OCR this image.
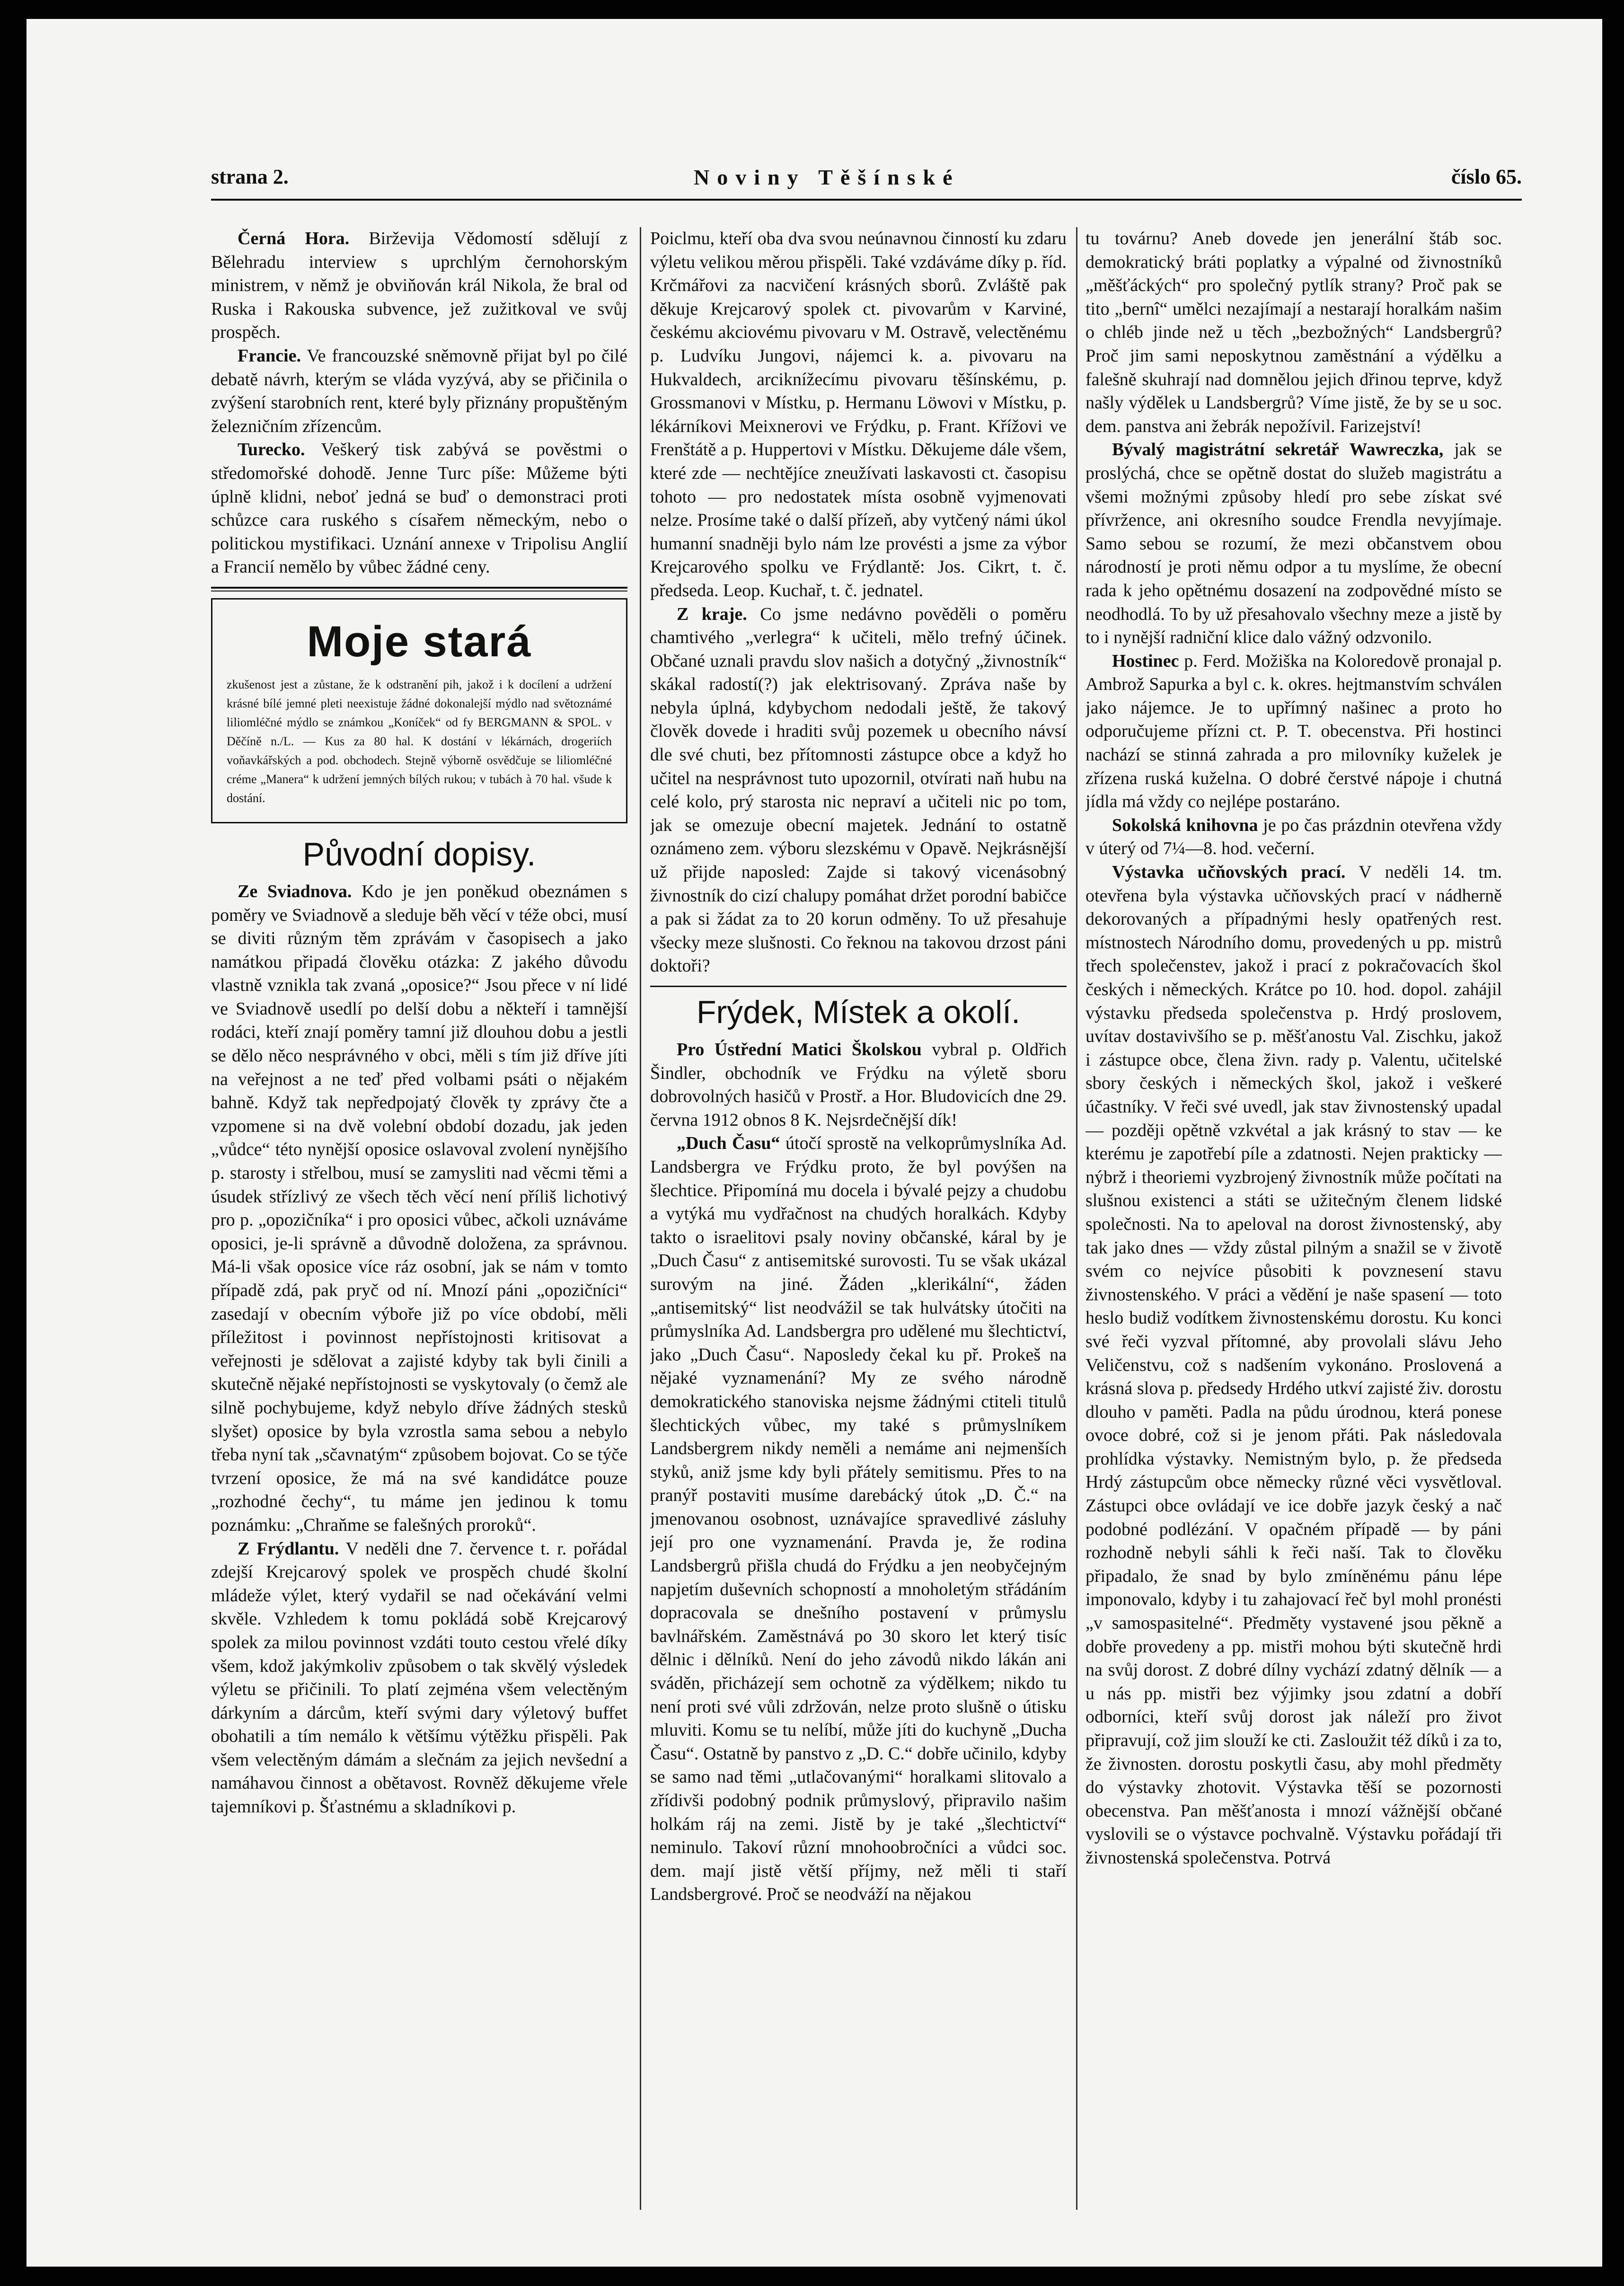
strana 2.	Noviny Těšínské	číslo 65.

Černá Hora. Birževija Vědomostí sdělují z Bělehradu interview s uprchlým černohorským ministrem, v němž je obviňován král Nikola, že bral od Ruska i Rakouska subvence, jež zužitkoval ve svůj prospěch.

Francie. Ve francouzské sněmovně přijat byl po čilé debatě návrh, kterým se vláda vyzývá, aby se přičinila o zvýšení starobních rent, které byly přiznány propuštěným železničním zřízencům.

Turecko. Veškerý tisk zabývá se pověstmi o středomořské dohodě. Jenne Turc píše: Můžeme býti úplně klidni, neboť jedná se buď o demonstraci proti schůzce cara ruského s císařem německým, nebo o politickou mystifikaci. Uznání annexe v Tripolisu Anglií a Francií nemělo by vůbec žádné ceny.

Moje stará
zkušenost jest a zůstane, že k odstranění pih, jakož i k docílení a udržení krásné bílé jemné pleti neexistuje žádné dokonalejší mýdlo nad světoznámé liliomléčné mýdlo se známkou „Koníček“ od fy BERGMANN & SPOL. v Děčíně n./L. — Kus za 80 hal. K dostání v lékárnách, drogeriích voňavkářských a pod. obchodech. Stejně výborně osvědčuje se liliomléčné créme „Manera“ k udržení jemných bílých rukou; v tubách à 70 hal. všude k dostání.
Původní dopisy.

Ze Sviadnova. Kdo je jen poněkud obeznámen s poměry ve Sviadnově a sleduje běh věcí v téže obci, musí se diviti různým těm zprávám v časopisech a jako namátkou připadá člověku otázka: Z jakého důvodu vlastně vznikla tak zvaná „oposice?“ Jsou přece v ní lidé ve Sviadnově usedlí po delší dobu a někteří i tamnější rodáci, kteří znají poměry tamní již dlouhou dobu a jestli se dělo něco nesprávného v obci, měli s tím již dříve jíti na veřejnost a ne teď před volbami psáti o nějakém bahně. Když tak nepředpojatý člověk ty zprávy čte a vzpomene si na dvě volební období dozadu, jak jeden „vůdce“ této nynější oposice oslavoval zvolení nynějšího p. starosty i střelbou, musí se zamysliti nad věcmi těmi a úsudek střízlivý ze všech těch věcí není příliš lichotivý pro p. „opozičníka“ i pro oposici vůbec, ačkoli uznáváme oposici, je-li správně a důvodně doložena, za správnou. Má-li však oposice více ráz osobní, jak se nám v tomto případě zdá, pak pryč od ní. Mnozí páni „opozičníci“ zasedají v obecním výboře již po více období, měli příležitost i povinnost nepřístojnosti kritisovat a veřejnosti je sdělovat a zajisté kdyby tak byli činili a skutečně nějaké nepřístojnosti se vyskytovaly (o čemž ale silně pochybujeme, když nebylo dříve žádných stesků slyšet) oposice by byla vzrostla sama sebou a nebylo třeba nyní tak „sčavnatým“ způsobem bojovat. Co se týče tvrzení oposice, že má na své kandidátce pouze „rozhodné čechy“, tu máme jen jedinou k tomu poznámku: „Chraňme se falešných proroků“.

Z Frýdlantu. V neděli dne 7. července t. r. pořádal zdejší Krejcarový spolek ve prospěch chudé školní mládeže výlet, který vydařil se nad očekávání velmi skvěle. Vzhledem k tomu pokládá sobě Krejcarový spolek za milou povinnost vzdáti touto cestou vřelé díky všem, kdož jakýmkoliv způsobem o tak skvělý výsledek výletu se přičinili. To platí zejména všem velectěným dárkyním a dárcům, kteří svými dary výletový buffet obohatili a tím nemálo k většímu výtěžku přispěli. Pak všem velectěným dámám a slečnám za jejich nevšední a namáhavou činnost a obětavost. Rovněž děkujeme vřele tajemníkovi p. Šťastnému a skladníkovi p.

Poiclmu, kteří oba dva svou neúnavnou činností ku zdaru výletu velikou měrou přispěli. Také vzdáváme díky p. říd. Krčmářovi za nacvičení krásných sborů. Zvláště pak děkuje Krejcarový spolek ct. pivovarům v Karviné, českému akciovému pivovaru v M. Ostravě, velectěnému p. Ludvíku Jungovi, nájemci k. a. pivovaru na Hukvaldech, arciknížecímu pivovaru těšínskému, p. Grossmanovi v Místku, p. Hermanu Löwovi v Místku, p. lékárníkovi Meixnerovi ve Frýdku, p. Frant. Křížovi ve Frenštátě a p. Huppertovi v Místku. Děkujeme dále všem, které zde — nechtějíce zneužívati laskavosti ct. časopisu tohoto — pro nedostatek místa osobně vyjmenovati nelze. Prosíme také o další přízeň, aby vytčený námi úkol humanní snadněji bylo nám lze provésti a jsme za výbor Krejcarového spolku ve Frýdlantě: Jos. Cikrt, t. č. předseda. Leop. Kuchař, t. č. jednatel.

Z kraje. Co jsme nedávno pověděli o poměru chamtivého „verlegra“ k učiteli, mělo trefný účinek. Občané uznali pravdu slov našich a dotyčný „živnostník“ skákal radostí(?) jak elektrisovaný. Zpráva naše by nebyla úplná, kdybychom nedodali ještě, že takový člověk dovede i hraditi svůj pozemek u obecního návsí dle své chuti, bez přítomnosti zástupce obce a když ho učitel na nesprávnost tuto upozornil, otvírati naň hubu na celé kolo, prý starosta nic nepraví a učiteli nic po tom, jak se omezuje obecní majetek. Jednání to ostatně oznámeno zem. výboru slezskému v Opavě. Nejkrásnější už přijde naposled: Zajde si takový vicenásobný živnostník do cizí chalupy pomáhat držet porodní babičce a pak si žádat za to 20 korun odměny. To už přesahuje všecky meze slušnosti. Co řeknou na takovou drzost páni doktoři?

Frýdek, Místek a okolí.

Pro Ústřední Matici Školskou vybral p. Oldřich Šindler, obchodník ve Frýdku na výletě sboru dobrovolných hasičů v Prostř. a Hor. Bludovicích dne 29. června 1912 obnos 8 K. Nejsrdečnější dík!

„Duch Času“ útočí sprostě na velkoprůmyslníka Ad. Landsbergra ve Frýdku proto, že byl povýšen na šlechtice. Připomíná mu docela i bývalé pejzy a chudobu a vytýká mu vydřačnost na chudých horalkách. Kdyby takto o israelitovi psaly noviny občanské, káral by je „Duch Času“ z antisemitské surovosti. Tu se však ukázal surovým na jiné. Žáden „klerikální“, žáden „antisemitský“ list neodvážil se tak hulvátsky útočiti na průmyslníka Ad. Landsbergra pro udělené mu šlechtictví, jako „Duch Času“. Naposledy čekal ku př. Prokeš na nějaké vyznamenání? My ze svého národně demokratického stanoviska nejsme žádnými ctiteli titulů šlechtických vůbec, my také s průmyslníkem Landsbergrem nikdy neměli a nemáme ani nejmenších styků, aniž jsme kdy byli přátely semitismu. Přes to na pranýř postaviti musíme darebácký útok „D. Č.“ na jmenovanou osobnost, uznávajíce spravedlivé zásluhy její pro one vyznamenání. Pravda je, že rodina Landsbergrů přišla chudá do Frýdku a jen neobyčejným napjetím duševních schopností a mnoholetým střádáním dopracovala se dnešního postavení v průmyslu bavlnářském. Zaměstnává po 30 skoro let který tisíc dělnic i dělníků. Není do jeho závodů nikdo lákán ani sváděn, přicházejí sem ochotně za výdělkem; nikdo tu není proti své vůli zdržován, nelze proto slušně o útisku mluviti. Komu se tu nelíbí, může jíti do kuchyně „Ducha Času“. Ostatně by panstvo z „D. C.“ dobře učinilo, kdyby se samo nad těmi „utlačovanými“ horalkami slitovalo a zřídivši podobný podnik průmyslový, připravilo našim holkám ráj na zemi. Jistě by je také „šlechtictví“ neminulo. Takoví různí mnohoobročníci a vůdci soc. dem. mají jistě větší příjmy, než měli ti staří Landsbergrové. Proč se neodváží na nějakou

tu továrnu? Aneb dovede jen jenerální štáb soc. demokratický bráti poplatky a výpalné od živnostníků „měšťáckých“ pro společný pytlík strany? Proč pak se tito „bernî“ umělci nezajímají a nestarají horalkám našim o chléb jinde než u těch „bezbožných“ Landsbergrů? Proč jim sami neposkytnou zaměstnání a výdělku a falešně skuhrají nad domnělou jejich dřinou teprve, když našly výdělek u Landsbergrů? Víme jistě, že by se u soc. dem. panstva ani žebrák nepožívil. Farizejství!

Bývalý magistrátní sekretář Wawreczka, jak se proslýchá, chce se opětně dostat do služeb magistrátu a všemi možnými způsoby hledí pro sebe získat své přívržence, ani okresního soudce Frendla nevyjímaje. Samo sebou se rozumí, že mezi občanstvem obou národností je proti němu odpor a tu myslíme, že obecní rada k jeho opětnému dosazení na zodpovědné místo se neodhodlá. To by už přesahovalo všechny meze a jistě by to i nynější radniční klice dalo vážný odzvonilo.

Hostinec p. Ferd. Možiška na Koloredově pronajal p. Ambrož Sapurka a byl c. k. okres. hejtmanstvím schválen jako nájemce. Je to upřímný našinec a proto ho odporučujeme přízni ct. P. T. obecenstva. Při hostinci nachází se stinná zahrada a pro milovníky kuželek je zřízena ruská kuželna. O dobré čerstvé nápoje i chutná jídla má vždy co nejlépe postaráno.

Sokolská knihovna je po čas prázdnin otevřena vždy v úterý od 7¼—8. hod. večerní.

Výstavka učňovských prací. V neděli 14. tm. otevřena byla výstavka učňovských prací v nádherně dekorovaných a případnými hesly opatřených rest. místnostech Národního domu, provedených u pp. mistrů třech společenstev, jakož i prací z pokračovacích škol českých i německých. Krátce po 10. hod. dopol. zahájil výstavku předseda společenstva p. Hrdý proslovem, uvítav dostavivšího se p. měšťanostu Val. Zischku, jakož i zástupce obce, člena živn. rady p. Valentu, učitelské sbory českých i německých škol, jakož i veškeré účastníky. V řeči své uvedl, jak stav živnostenský upadal — později opětně vzkvétal a jak krásný to stav — ke kterému je zapotřebí píle a zdatnosti. Nejen prakticky — nýbrž i theoriemi vyzbrojený živnostník může počítati na slušnou existenci a státi se užitečným členem lidské společnosti. Na to apeloval na dorost živnostenský, aby tak jako dnes — vždy zůstal pilným a snažil se v životě svém co nejvíce působiti k povznesení stavu živnostenského. V práci a vědění je naše spasení — toto heslo budiž vodítkem živnostenskému dorostu. Ku konci své řeči vyzval přítomné, aby provolali slávu Jeho Veličenstvu, což s nadšením vykonáno. Proslovená a krásná slova p. předsedy Hrdého utkví zajisté živ. dorostu dlouho v paměti. Padla na půdu úrodnou, která ponese ovoce dobré, což si je jenom přáti. Pak následovala prohlídka výstavky. Nemistným bylo, p. že předseda Hrdý zástupcům obce německy různé věci vysvětloval. Zástupci obce ovládají ve ice dobře jazyk český a nač podobné podlézání. V opačném případě — by páni rozhodně nebyli sáhli k řeči naší. Tak to člověku připadalo, že snad by bylo zmíněnému pánu lépe imponovalo, kdyby i tu zahajovací řeč byl mohl pronésti „v samospasitelné“. Předměty vystavené jsou pěkně a dobře provedeny a pp. mistři mohou býti skutečně hrdi na svůj dorost. Z dobré dílny vychází zdatný dělník — a u nás pp. mistři bez výjimky jsou zdatní a dobří odborníci, kteří svůj dorost jak náleží pro život připravují, což jim slouží ke cti. Zasloužit též díků i za to, že živnosten. dorostu poskytli času, aby mohl předměty do výstavky zhotovit. Výstavka těší se pozornosti obecenstva. Pan měšťanosta i mnozí vážnější občané vyslovili se o výstavce pochvalně. Výstavku pořádají tři živnostenská společenstva. Potrvá
